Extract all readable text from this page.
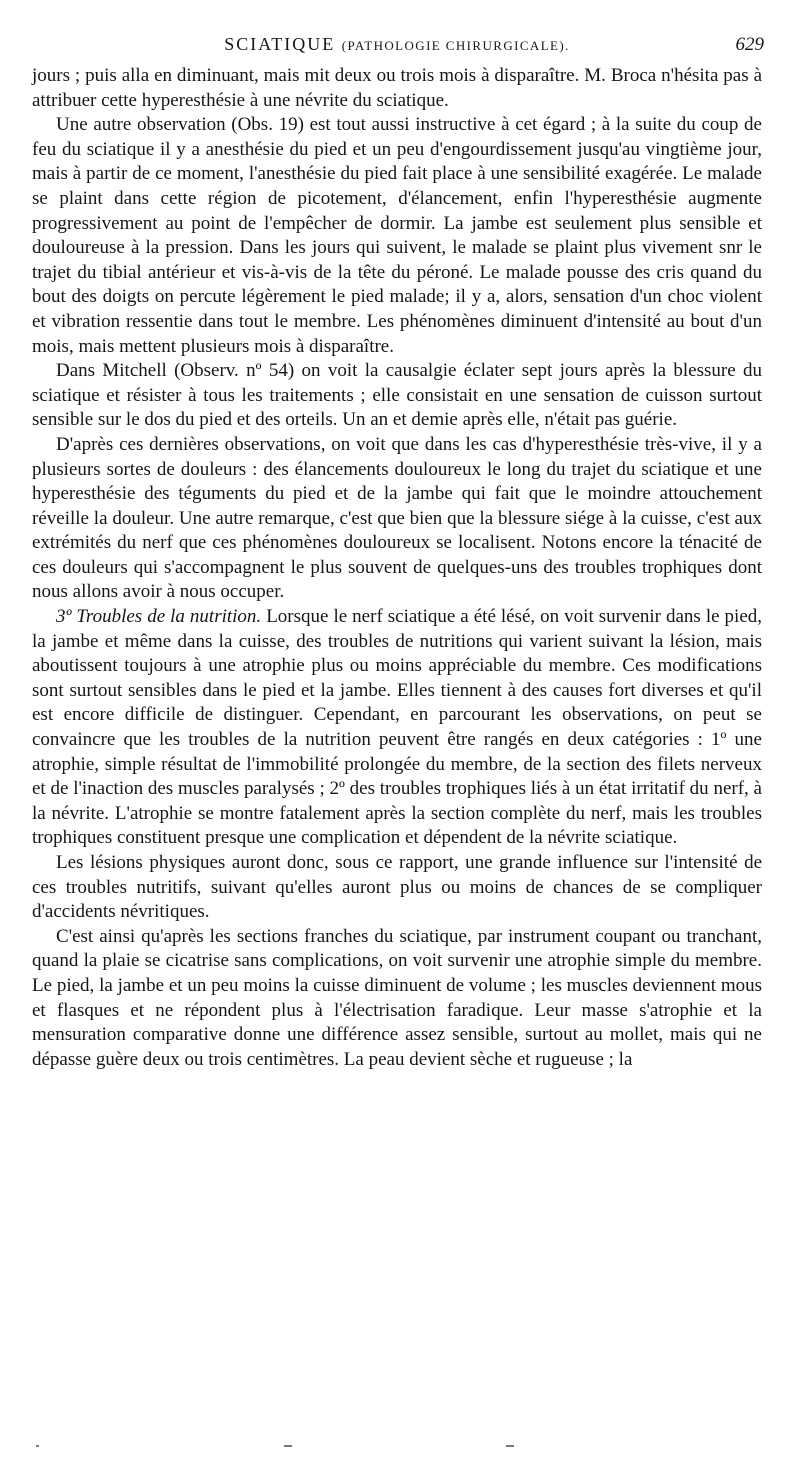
SCIATIQUE (PATHOLOGIE CHIRURGICALE).	629

jours ; puis alla en diminuant, mais mit deux ou trois mois à disparaître. M. Broca n'hésita pas à attribuer cette hyperesthésie à une névrite du sciatique.

Une autre observation (Obs. 19) est tout aussi instructive à cet égard ; à la suite du coup de feu du sciatique il y a anesthésie du pied et un peu d'engourdissement jusqu'au vingtième jour, mais à partir de ce moment, l'anesthésie du pied fait place à une sensibilité exagérée. Le malade se plaint dans cette région de picotement, d'élancement, enfin l'hyperesthésie augmente progressivement au point de l'empêcher de dormir. La jambe est seulement plus sensible et douloureuse à la pression. Dans les jours qui suivent, le malade se plaint plus vivement snr le trajet du tibial antérieur et vis-à-vis de la tête du péroné. Le malade pousse des cris quand du bout des doigts on percute légèrement le pied malade; il y a, alors, sensation d'un choc violent et vibration ressentie dans tout le membre. Les phénomènes diminuent d'intensité au bout d'un mois, mais mettent plusieurs mois à disparaître.

Dans Mitchell (Observ. nº 54) on voit la causalgie éclater sept jours après la blessure du sciatique et résister à tous les traitements ; elle consistait en une sensation de cuisson surtout sensible sur le dos du pied et des orteils. Un an et demie après elle, n'était pas guérie.

D'après ces dernières observations, on voit que dans les cas d'hyperesthésie très-vive, il y a plusieurs sortes de douleurs : des élancements douloureux le long du trajet du sciatique et une hyperesthésie des téguments du pied et de la jambe qui fait que le moindre attouchement réveille la douleur. Une autre remarque, c'est que bien que la blessure siége à la cuisse, c'est aux extrémités du nerf que ces phénomènes douloureux se localisent. Notons encore la ténacité de ces douleurs qui s'accompagnent le plus souvent de quelques-uns des troubles trophiques dont nous allons avoir à nous occuper.

3º Troubles de la nutrition. Lorsque le nerf sciatique a été lésé, on voit survenir dans le pied, la jambe et même dans la cuisse, des troubles de nutritions qui varient suivant la lésion, mais aboutissent toujours à une atrophie plus ou moins appréciable du membre. Ces modifications sont surtout sensibles dans le pied et la jambe. Elles tiennent à des causes fort diverses et qu'il est encore difficile de distinguer. Cependant, en parcourant les observations, on peut se convaincre que les troubles de la nutrition peuvent être rangés en deux catégories : 1º une atrophie, simple résultat de l'immobilité prolongée du membre, de la section des filets nerveux et de l'inaction des muscles paralysés ; 2º des troubles trophiques liés à un état irritatif du nerf, à la névrite. L'atrophie se montre fatalement après la section complète du nerf, mais les troubles trophiques constituent presque une complication et dépendent de la névrite sciatique.

Les lésions physiques auront donc, sous ce rapport, une grande influence sur l'intensité de ces troubles nutritifs, suivant qu'elles auront plus ou moins de chances de se compliquer d'accidents névritiques.

C'est ainsi qu'après les sections franches du sciatique, par instrument coupant ou tranchant, quand la plaie se cicatrise sans complications, on voit survenir une atrophie simple du membre. Le pied, la jambe et un peu moins la cuisse diminuent de volume ; les muscles deviennent mous et flasques et ne répondent plus à l'électrisation faradique. Leur masse s'atrophie et la mensuration comparative donne une différence assez sensible, surtout au mollet, mais qui ne dépasse guère deux ou trois centimètres. La peau devient sèche et rugueuse ; la
